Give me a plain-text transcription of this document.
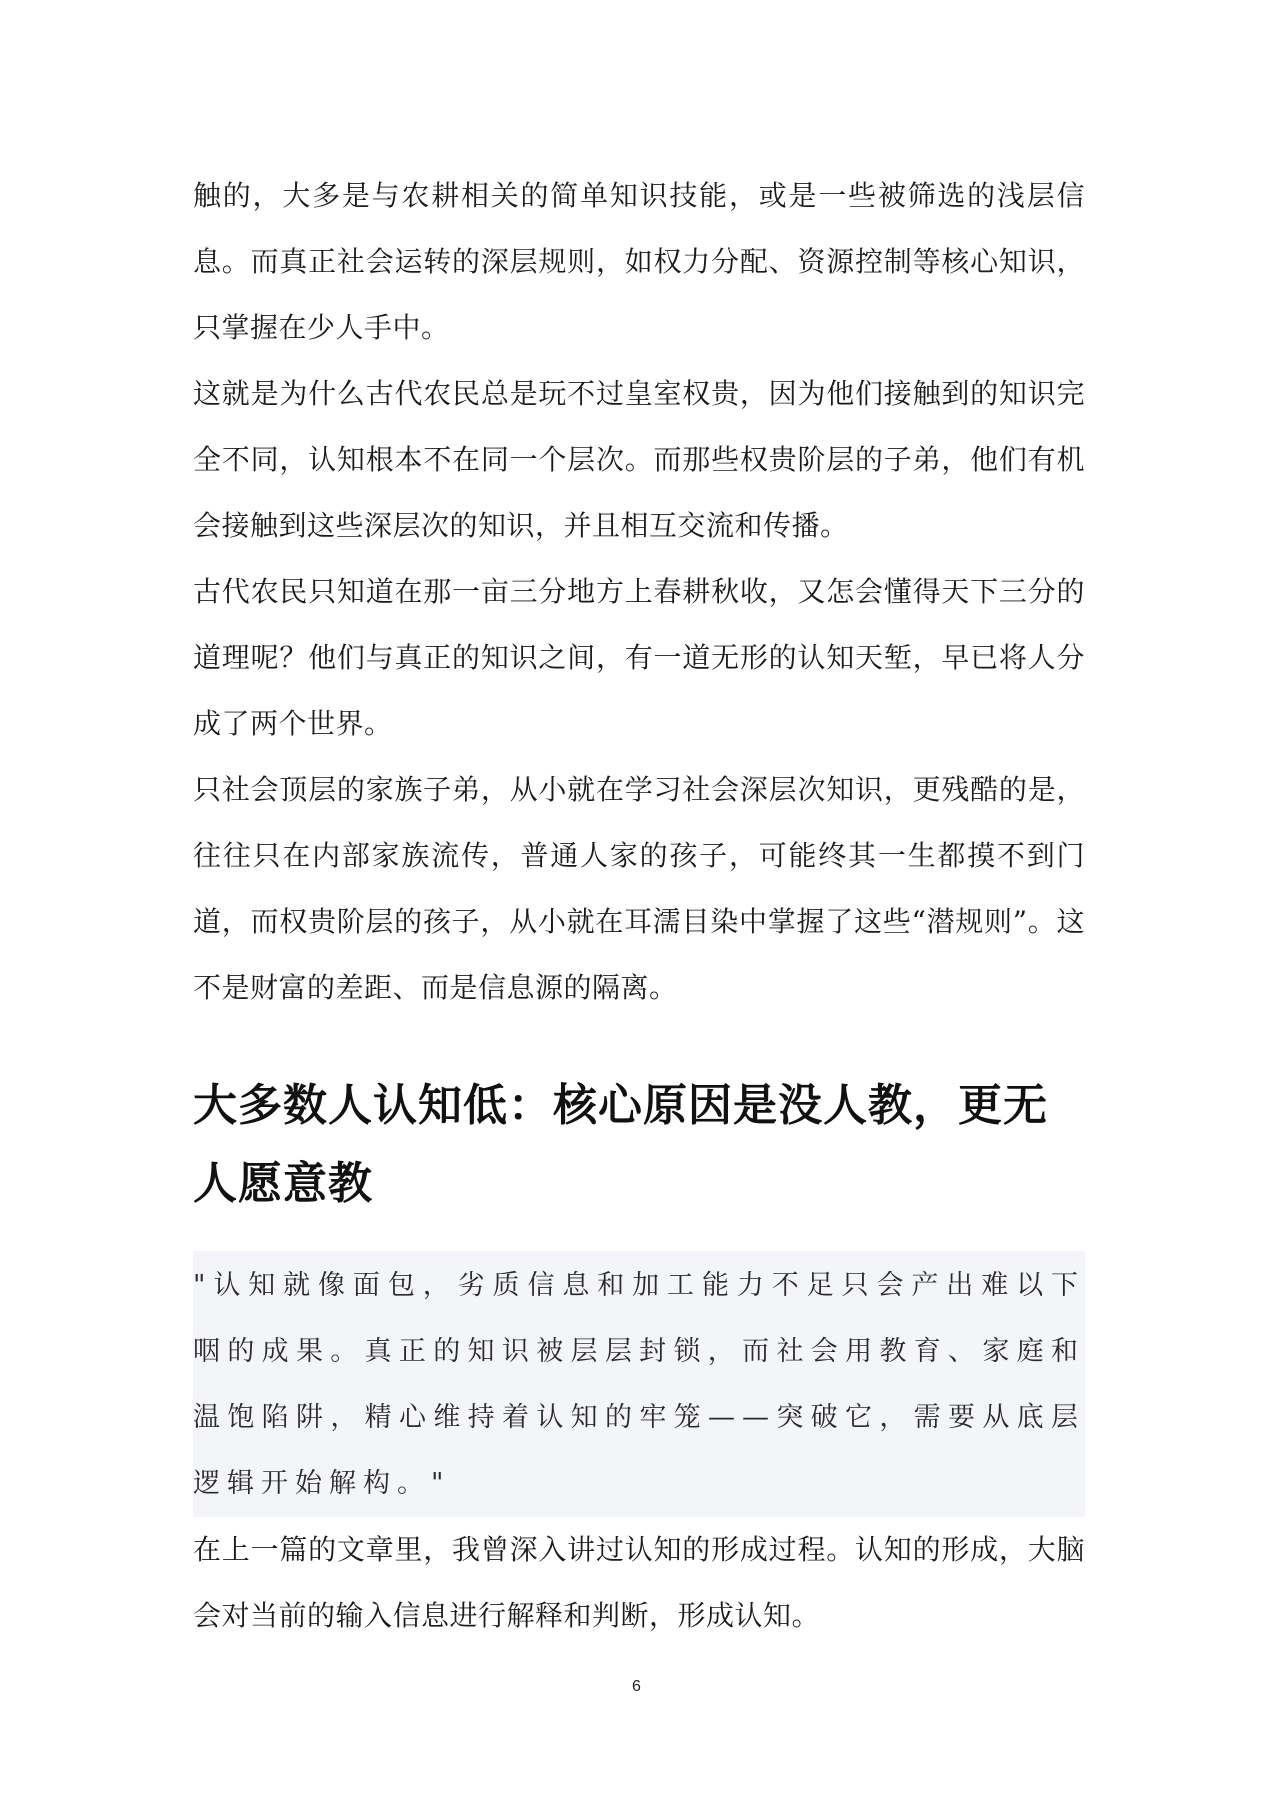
触的，大多是与农耕相关的简单知识技能，或是一些被筛选的浅层信息。而真正社会运转的深层规则，如权力分配、资源控制等核心知识，只掌握在少人手中。

这就是为什么古代农民总是玩不过皇室权贵，因为他们接触到的知识完全不同，认知根本不在同一个层次。而那些权贵阶层的子弟，他们有机会接触到这些深层次的知识，并且相互交流和传播。

古代农民只知道在那一亩三分地方上春耕秋收，又怎会懂得天下三分的道理呢？他们与真正的知识之间，有一道无形的认知天堑，早已将人分成了两个世界。

只社会顶层的家族子弟，从小就在学习社会深层次知识，更残酷的是，往往只在内部家族流传，普通人家的孩子，可能终其一生都摸不到门道，而权贵阶层的孩子，从小就在耳濡目染中掌握了这些“潜规则”。这不是财富的差距、而是信息源的隔离。

大多数人认知低：核心原因是没人教，更无人愿意教

"认知就像面包，劣质信息和加工能力不足只会产出难以下咽的成果。真正的知识被层层封锁，而社会用教育、家庭和温饱陷阱，精心维持着认知的牢笼——突破它，需要从底层逻辑开始解构。"

在上一篇的文章里，我曾深入讲过认知的形成过程。认知的形成，大脑会对当前的输入信息进行解释和判断，形成认知。

6
